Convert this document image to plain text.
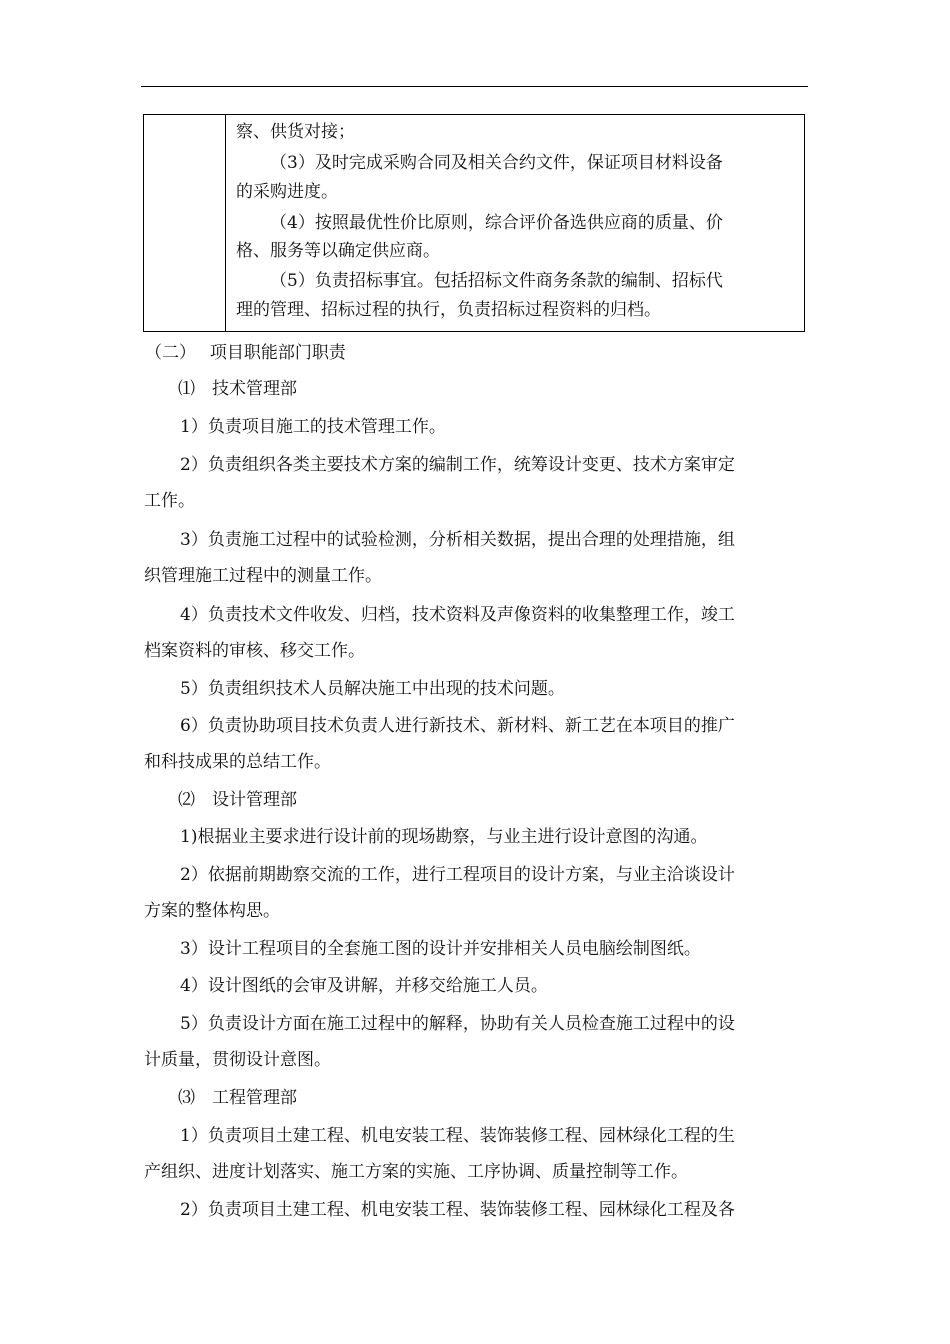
察、供货对接；
（3）及时完成采购合同及相关合约文件，保证项目材料设备
的采购进度。
（4）按照最优性价比原则，综合评价备选供应商的质量、价
格、服务等以确定供应商。
（5）负责招标事宜。包括招标文件商务条款的编制、招标代
理的管理、招标过程的执行，负责招标过程资料的归档。
（二）　 项目职能部门职责
⑴　技术管理部
1）负责项目施工的技术管理工作。
2）负责组织各类主要技术方案的编制工作，统筹设计变更、技术方案审定
工作。
3）负责施工过程中的试验检测，分析相关数据，提出合理的处理措施，组
织管理施工过程中的测量工作。
4）负责技术文件收发、归档，技术资料及声像资料的收集整理工作，竣工
档案资料的审核、移交工作。
5）负责组织技术人员解决施工中出现的技术问题。
6）负责协助项目技术负责人进行新技术、新材料、新工艺在本项目的推广
和科技成果的总结工作。
⑵　设计管理部
1)根据业主要求进行设计前的现场勘察，与业主进行设计意图的沟通。
2）依据前期勘察交流的工作，进行工程项目的设计方案，与业主洽谈设计
方案的整体构思。
3）设计工程项目的全套施工图的设计并安排相关人员电脑绘制图纸。
4）设计图纸的会审及讲解，并移交给施工人员。
5）负责设计方面在施工过程中的解释，协助有关人员检查施工过程中的设
计质量，贯彻设计意图。
⑶　工程管理部
1）负责项目土建工程、机电安装工程、装饰装修工程、园林绿化工程的生
产组织、进度计划落实、施工方案的实施、工序协调、质量控制等工作。
2）负责项目土建工程、机电安装工程、装饰装修工程、园林绿化工程及各
